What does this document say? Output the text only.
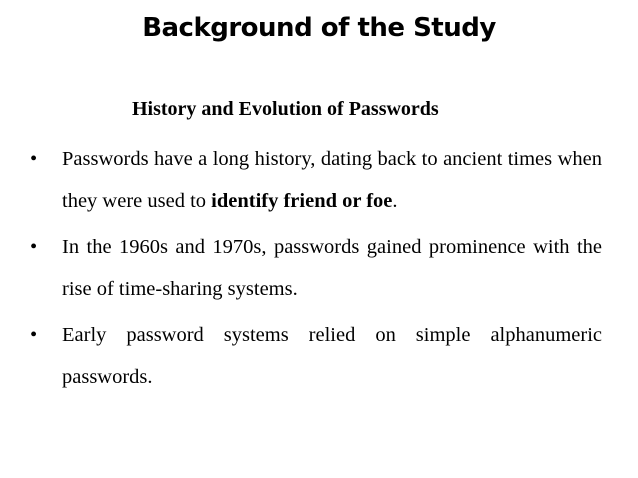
Background of the Study
History and Evolution of Passwords
•	Passwords have a long history, dating back to ancient times when they were used to identify friend or foe.
•	In the 1960s and 1970s, passwords gained prominence with the rise of time-sharing systems.
•	Early password systems relied on simple alphanumeric passwords.
